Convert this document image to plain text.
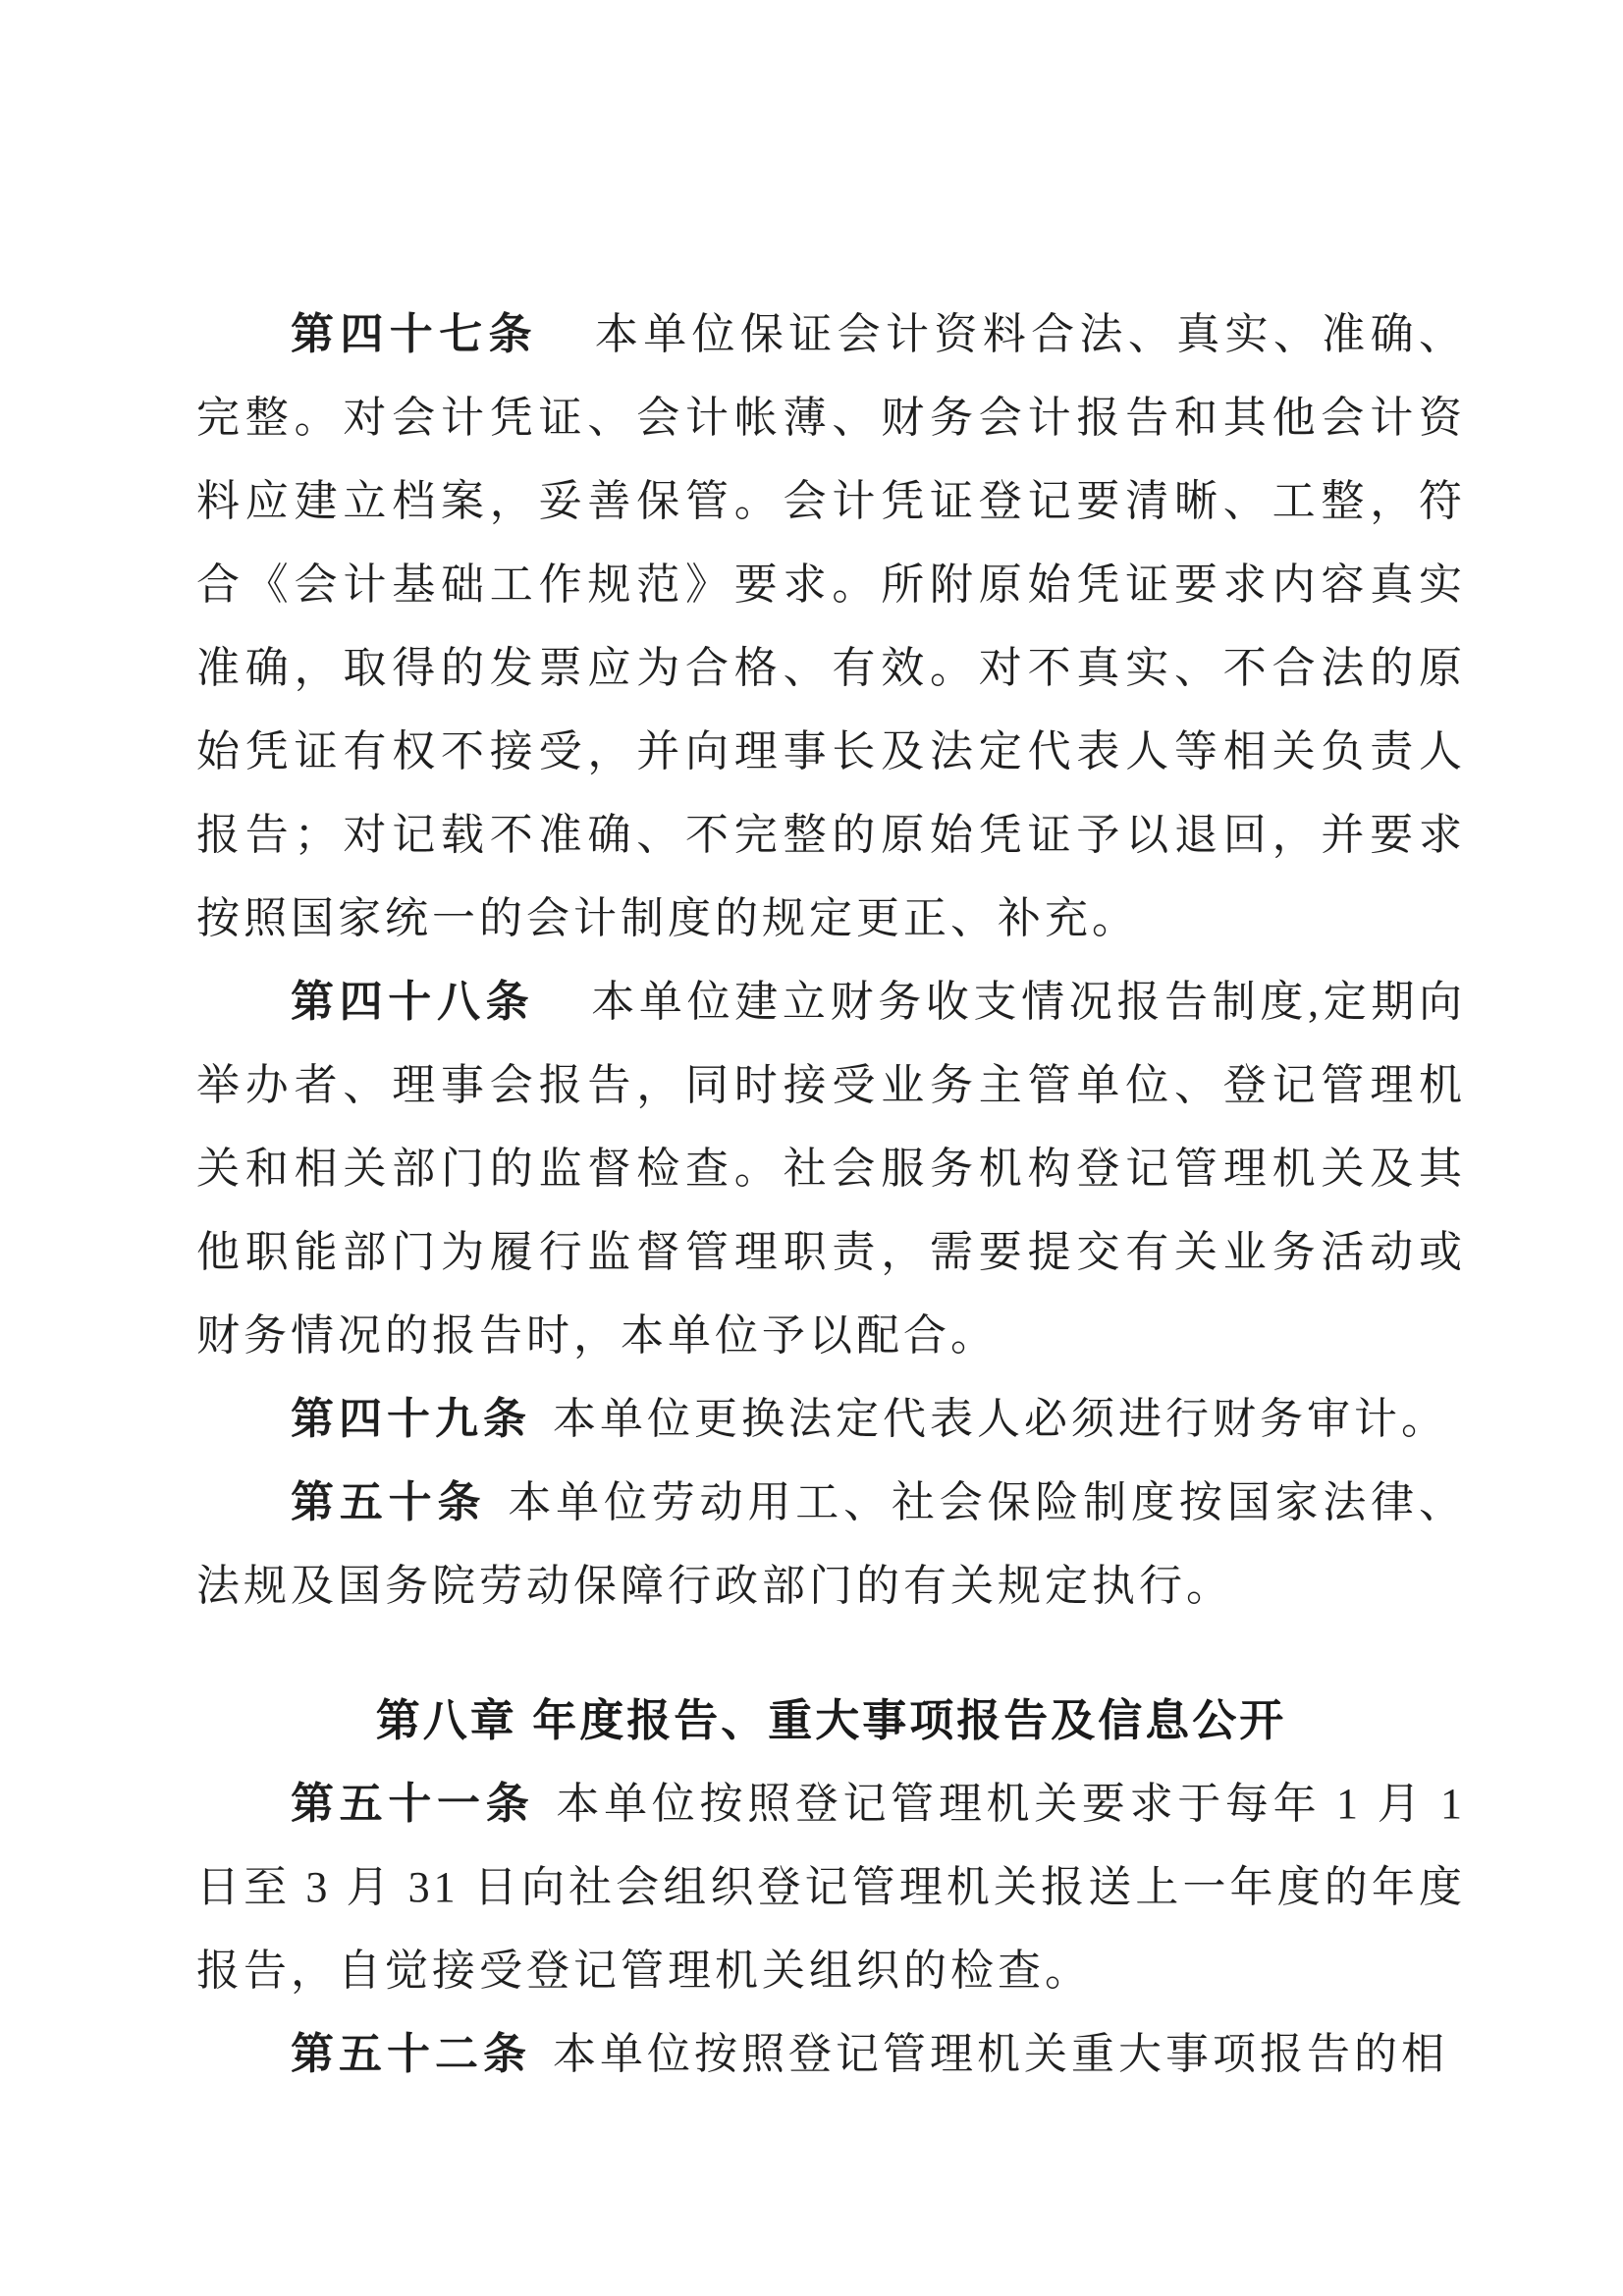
第四十七条 本单位保证会计资料合法、真实、准确、完整。对会计凭证、会计帐薄、财务会计报告和其他会计资料应建立档案，妥善保管。会计凭证登记要清晰、工整，符合《会计基础工作规范》要求。所附原始凭证要求内容真实准确，取得的发票应为合格、有效。对不真实、不合法的原始凭证有权不接受，并向理事长及法定代表人等相关负责人报告；对记载不准确、不完整的原始凭证予以退回，并要求按照国家统一的会计制度的规定更正、补充。

第四十八条 本单位建立财务收支情况报告制度,定期向举办者、理事会报告，同时接受业务主管单位、登记管理机关和相关部门的监督检查。社会服务机构登记管理机关及其他职能部门为履行监督管理职责，需要提交有关业务活动或财务情况的报告时，本单位予以配合。

第四十九条 本单位更换法定代表人必须进行财务审计。

第五十条 本单位劳动用工、社会保险制度按国家法律、法规及国务院劳动保障行政部门的有关规定执行。

第八章 年度报告、重大事项报告及信息公开

第五十一条 本单位按照登记管理机关要求于每年 1 月 1 日至 3 月 31 日向社会组织登记管理机关报送上一年度的年度报告，自觉接受登记管理机关组织的检查。

第五十二条 本单位按照登记管理机关重大事项报告的相
